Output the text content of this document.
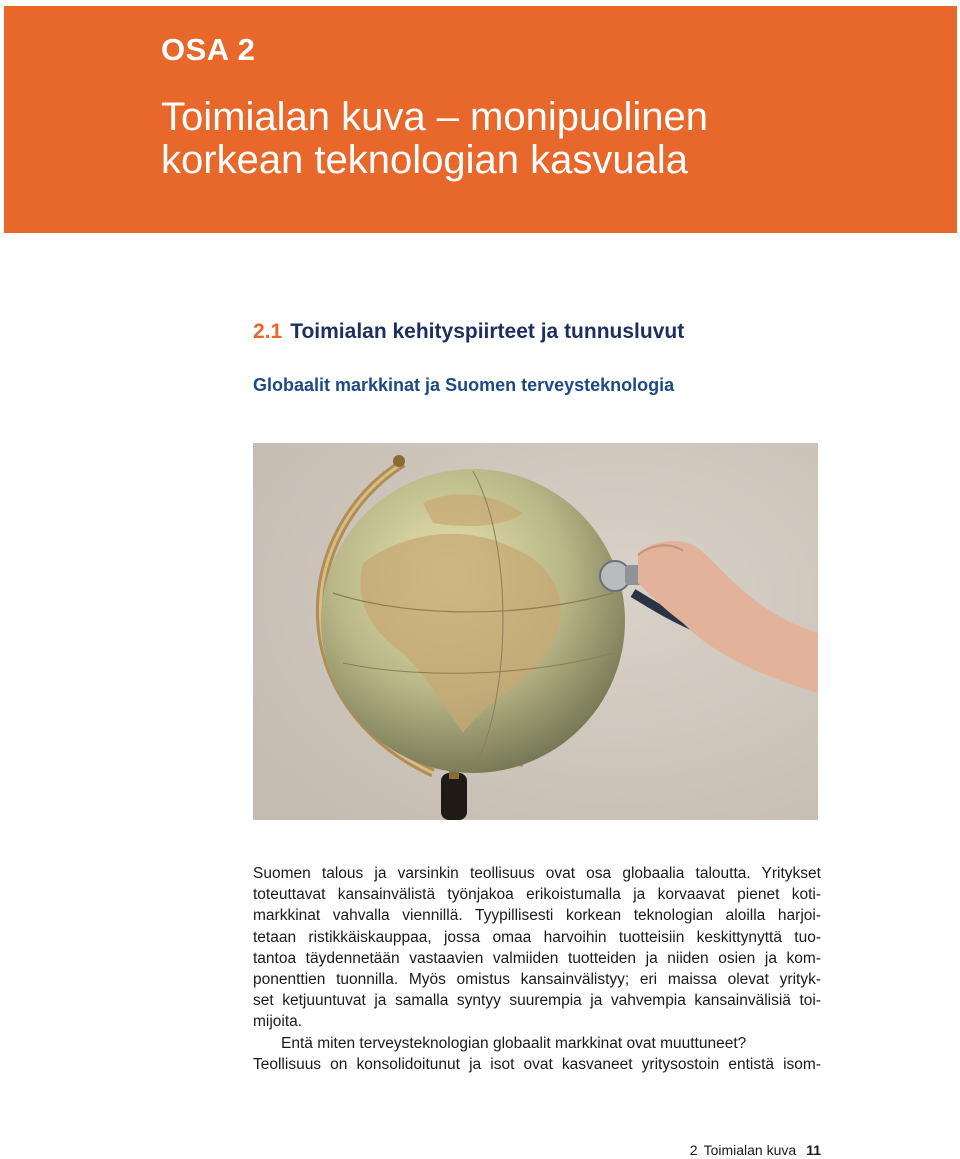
OSA 2
Toimialan kuva – monipuolinen
korkean teknologian kasvuala
2.1 Toimialan kehityspiirteet ja tunnusluvut
Globaalit markkinat ja Suomen terveysteknologia

Suomen talous ja varsinkin teollisuus ovat osa globaalia taloutta. Yritykset
toteuttavat kansainvälistä työnjakoa erikoistumalla ja korvaavat pienet koti-
markkinat vahvalla viennillä. Tyypillisesti korkean teknologian aloilla harjoi-
tetaan ristikkäiskauppaa, jossa omaa harvoihin tuotteisiin keskittynyttä tuo-
tantoa täydennetään vastaavien valmiiden tuotteiden ja niiden osien ja kom-
ponenttien tuonnilla. Myös omistus kansainvälistyy; eri maissa olevat yrityk-
set ketjuuntuvat ja samalla syntyy suurempia ja vahvempia kansainvälisiä toi-
mijoita.

Entä miten terveysteknologian globaalit markkinat ovat muuttuneet?
Teollisuus on konsolidoitunut ja isot ovat kasvaneet yritysostoin entistä isom-

2 Toimialan kuva 11
